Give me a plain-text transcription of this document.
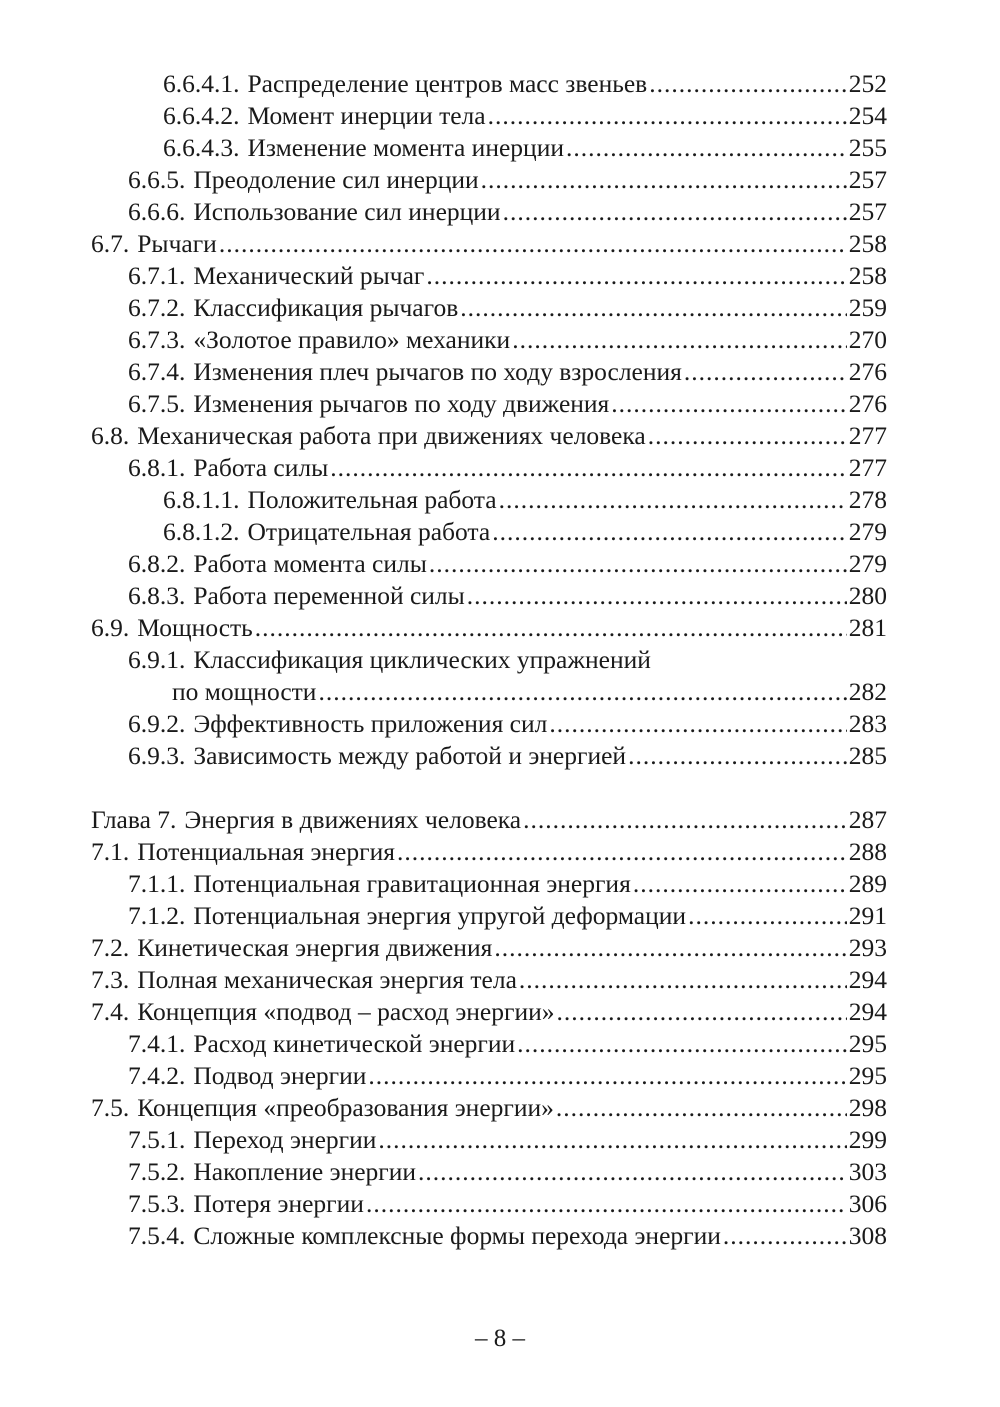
6.6.4.1. Распределение центров масс звеньев .....	252
6.6.4.2. Момент инерции тела .....	254
6.6.4.3. Изменение момента инерции .....	255
6.6.5. Преодоление сил инерции .....	257
6.6.6. Использование сил инерции .....	257
6.7. Рычаги .....	258
6.7.1. Механический рычаг .....	258
6.7.2. Классификация рычагов .....	259
6.7.3. «Золотое правило» механики .....	270
6.7.4. Изменения плеч рычагов по ходу взросления .....	276
6.7.5. Изменения рычагов по ходу движения .....	276
6.8. Механическая работа при движениях человека .....	277
6.8.1. Работа силы .....	277
6.8.1.1. Положительная работа .....	278
6.8.1.2. Отрицательная работа .....	279
6.8.2. Работа момента силы .....	279
6.8.3. Работа переменной силы .....	280
6.9. Мощность .....	281
6.9.1. Классификация циклических упражнений
по мощности .....	282
6.9.2. Эффективность приложения сил .....	283
6.9.3. Зависимость между работой и энергией .....	285
Глава 7. Энергия в движениях человека .....	287
7.1. Потенциальная энергия .....	288
7.1.1. Потенциальная гравитационная энергия .....	289
7.1.2. Потенциальная энергия упругой деформации .....	291
7.2. Кинетическая энергия движения .....	293
7.3. Полная механическая энергия тела .....	294
7.4. Концепция «подвод – расход энергии» .....	294
7.4.1. Расход кинетической энергии .....	295
7.4.2. Подвод энергии .....	295
7.5. Концепция «преобразования энергии» .....	298
7.5.1. Переход энергии .....	299
7.5.2. Накопление энергии .....	303
7.5.3. Потеря энергии .....	306
7.5.4. Сложные комплексные формы перехода энергии .....	308
– 8 –
